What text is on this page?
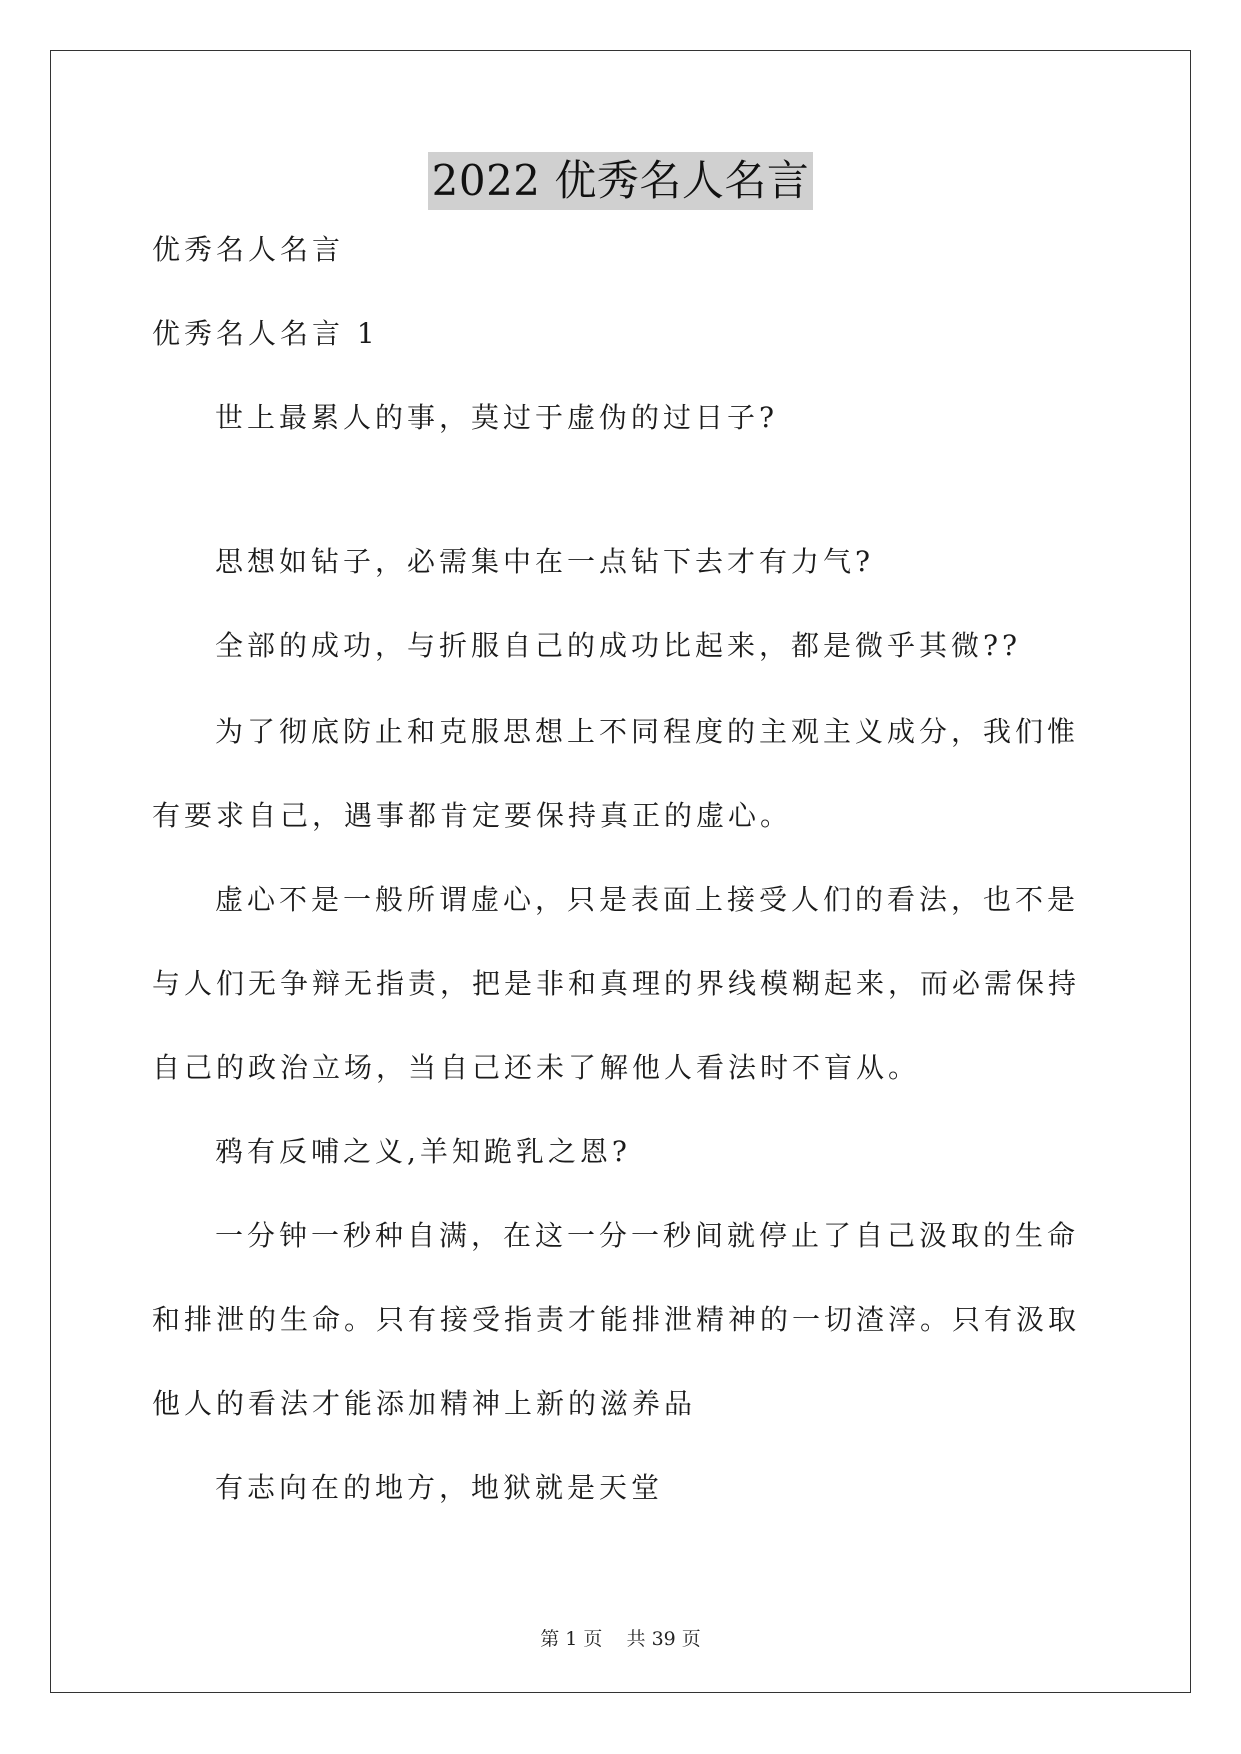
2022 优秀名人名言

优秀名人名言

优秀名人名言 1

世上最累人的事，莫过于虚伪的过日子?

思想如钻子，必需集中在一点钻下去才有力气?

全部的成功，与折服自己的成功比起来，都是微乎其微??

为了彻底防止和克服思想上不同程度的主观主义成分，我们惟有要求自己，遇事都肯定要保持真正的虚心。

虚心不是一般所谓虚心，只是表面上接受人们的看法，也不是与人们无争辩无指责，把是非和真理的界线模糊起来，而必需保持自己的政治立场，当自己还未了解他人看法时不盲从。

鸦有反哺之义,羊知跪乳之恩?

一分钟一秒种自满，在这一分一秒间就停止了自己汲取的生命和排泄的生命。只有接受指责才能排泄精神的一切渣滓。只有汲取他人的看法才能添加精神上新的滋养品

有志向在的地方，地狱就是天堂

第 1 页 共 39 页
